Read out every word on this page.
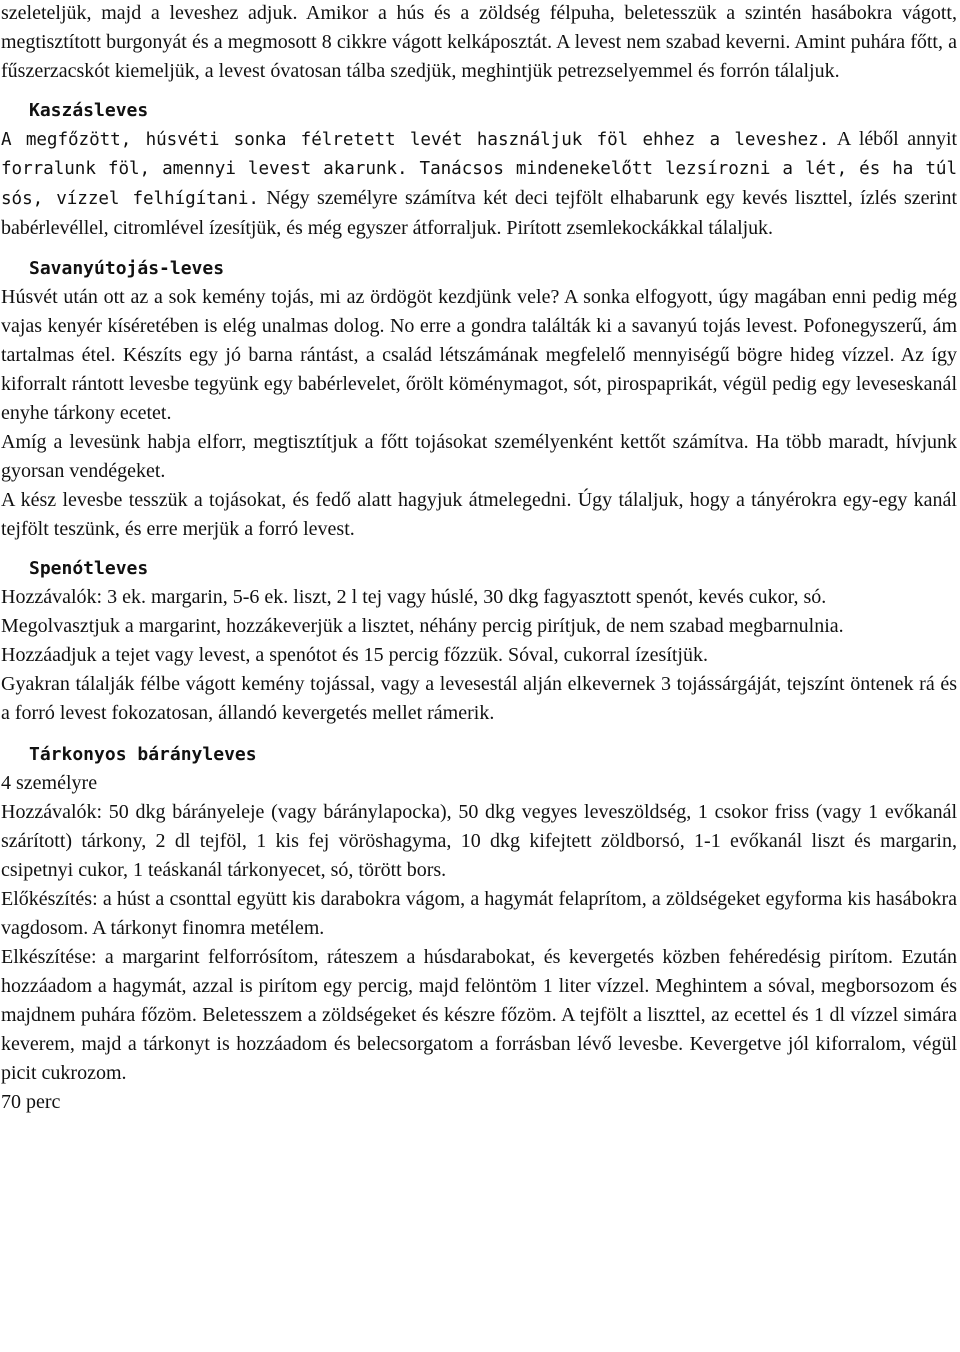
szeleteljük, majd a leveshez adjuk. Amikor a hús és a zöldség félpuha, beletesszük a szintén hasábokra vágott, megtisztított burgonyát és a megmosott 8 cikkre vágott kelkáposztát. A levest nem szabad keverni. Amint puhára főtt, a fűszerzacskót kiemeljük, a levest óvatosan tálba szedjük, meghintjük petrezselyemmel és forrón tálaljuk.

Kaszásleves

A megfőzött, húsvéti sonka félretett levét használjuk föl ehhez a leveshez. A léből annyit forralunk föl, amennyi levest akarunk. Tanácsos mindenekelőtt lezsírozni a lét, és ha túl sós, vízzel felhígítani. Négy személyre számítva két deci tejfölt elhabarunk egy kevés liszttel, ízlés szerint babérlevéllel, citromlével ízesítjük, és még egyszer átforraljuk. Pirított zsemlekockákkal tálaljuk.

Savanyútojás-leves

Húsvét után ott az a sok kemény tojás, mi az ördögöt kezdjünk vele? A sonka elfogyott, úgy magában enni pedig még vajas kenyér kíséretében is elég unalmas dolog. No erre a gondra találták ki a savanyú tojás levest. Pofonegyszerű, ám tartalmas étel. Készíts egy jó barna rántást, a család létszámának megfelelő mennyiségű bögre hideg vízzel. Az így kiforralt rántott levesbe tegyünk egy babérlevelet, őrölt köménymagot, sót, pirospaprikát, végül pedig egy leveseskanál enyhe tárkony ecetet.

Amíg a levesünk habja elforr, megtisztítjuk a főtt tojásokat személyenként kettőt számítva. Ha több maradt, hívjunk gyorsan vendégeket.

A kész levesbe tesszük a tojásokat, és fedő alatt hagyjuk átmelegedni. Úgy tálaljuk, hogy a tányérokra egy-egy kanál tejfölt teszünk, és erre merjük a forró levest.

Spenótleves

Hozzávalók: 3 ek. margarin, 5-6 ek. liszt, 2 l tej vagy húslé, 30 dkg fagyasztott spenót, kevés cukor, só.

Megolvasztjuk a margarint, hozzákeverjük a lisztet, néhány percig pirítjuk, de nem szabad megbarnulnia.

Hozzáadjuk a tejet vagy levest, a spenótot és 15 percig főzzük. Sóval, cukorral ízesítjük.

Gyakran tálalják félbe vágott kemény tojással, vagy a levesestál alján elkevernek 3 tojássárgáját, tejszínt öntenek rá és a forró levest fokozatosan, állandó kevergetés mellet rámerik.

Tárkonyos bárányleves

4 személyre

Hozzávalók: 50 dkg bárányeleje (vagy báránylapocka), 50 dkg vegyes leveszöldség, 1 csokor friss (vagy 1 evőkanál szárított) tárkony, 2 dl tejföl, 1 kis fej vöröshagyma, 10 dkg kifejtett zöldborsó, 1-1 evőkanál liszt és margarin, csipetnyi cukor, 1 teáskanál tárkonyecet, só, törött bors.

Előkészítés: a húst a csonttal együtt kis darabokra vágom, a hagymát felaprítom, a zöldségeket egyforma kis hasábokra vagdosom. A tárkonyt finomra metélem.

Elkészítése: a margarint felforrósítom, ráteszem a húsdarabokat, és kevergetés közben fehéredésig pirítom. Ezután hozzáadom a hagymát, azzal is pirítom egy percig, majd felöntöm 1 liter vízzel. Meghintem a sóval, megborsozom és majdnem puhára főzöm. Beletesszem a zöldségeket és készre főzöm. A tejfölt a liszttel, az ecettel és 1 dl vízzel simára keverem, majd a tárkonyt is hozzáadom és belecsorgatom a forrásban lévő levesbe. Kevergetve jól kiforralom, végül picit cukrozom.

70 perc
